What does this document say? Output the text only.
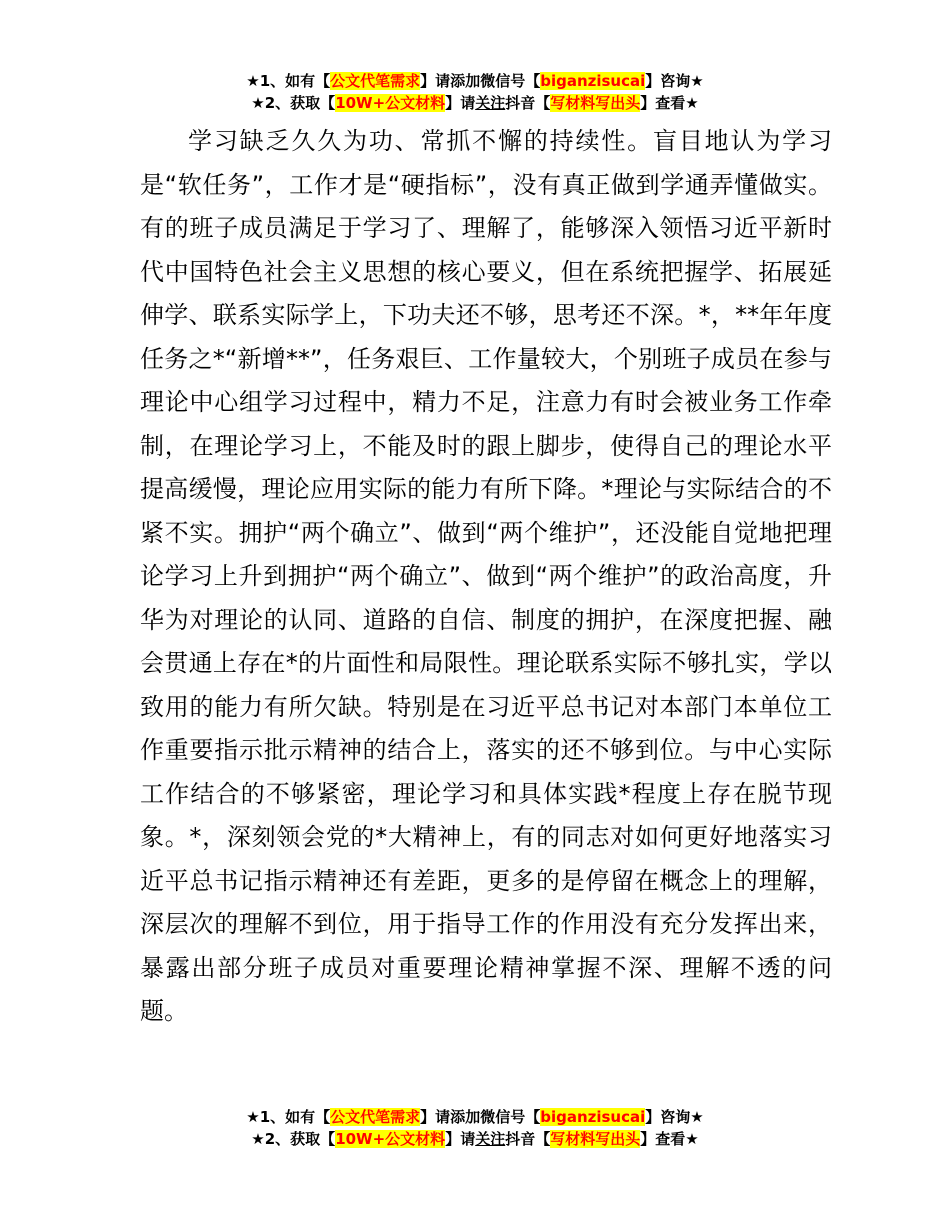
★1、如有【公文代笔需求】请添加微信号【biganzisucai】咨询★
★2、获取【10W+公文材料】请关注抖音【写材料写出头】查看★

学习缺乏久久为功、常抓不懈的持续性。盲目地认为学习是“软任务”，工作才是“硬指标”，没有真正做到学通弄懂做实。有的班子成员满足于学习了、理解了，能够深入领悟习近平新时代中国特色社会主义思想的核心要义，但在系统把握学、拓展延伸学、联系实际学上，下功夫还不够，思考还不深。*，**年年度任务之*“新增**”，任务艰巨、工作量较大，个别班子成员在参与理论中心组学习过程中，精力不足，注意力有时会被业务工作牵制，在理论学习上，不能及时的跟上脚步，使得自己的理论水平提高缓慢，理论应用实际的能力有所下降。*理论与实际结合的不紧不实。拥护“两个确立”、做到“两个维护”，还没能自觉地把理论学习上升到拥护“两个确立”、做到“两个维护”的政治高度，升华为对理论的认同、道路的自信、制度的拥护，在深度把握、融会贯通上存在*的片面性和局限性。理论联系实际不够扎实，学以致用的能力有所欠缺。特别是在习近平总书记对本部门本单位工作重要指示批示精神的结合上，落实的还不够到位。与中心实际工作结合的不够紧密，理论学习和具体实践*程度上存在脱节现象。*，深刻领会党的*大精神上，有的同志对如何更好地落实习近平总书记指示精神还有差距，更多的是停留在概念上的理解，深层次的理解不到位，用于指导工作的作用没有充分发挥出来，暴露出部分班子成员对重要理论精神掌握不深、理解不透的问题。

★1、如有【公文代笔需求】请添加微信号【biganzisucai】咨询★
★2、获取【10W+公文材料】请关注抖音【写材料写出头】查看★
